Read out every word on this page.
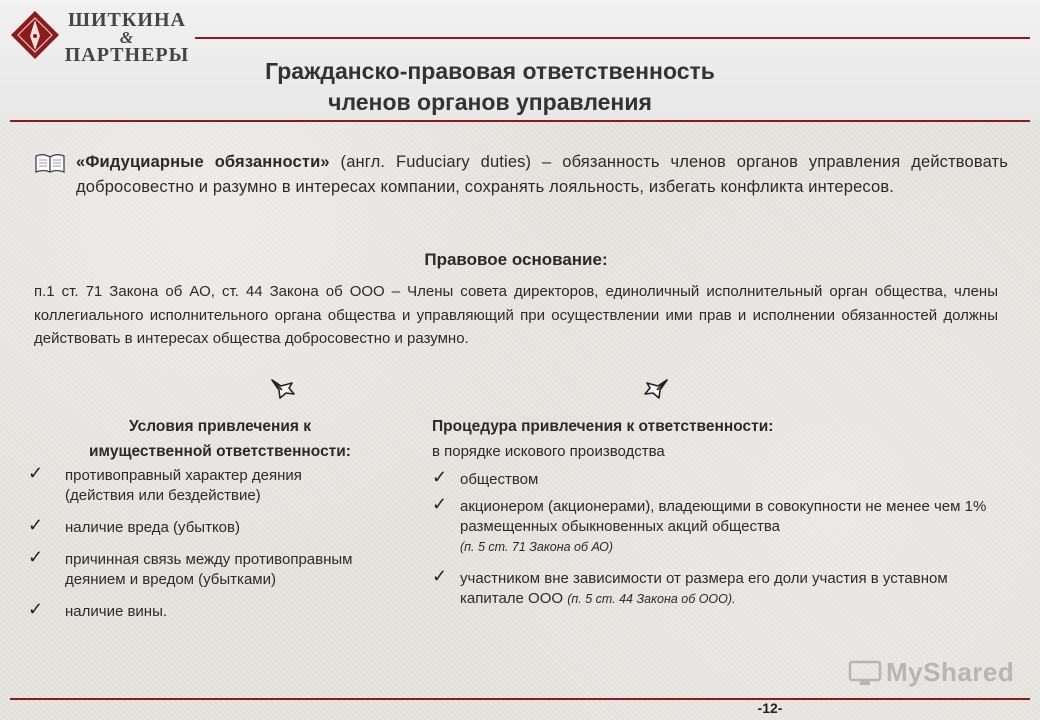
ШИТКИНА
&
ПАРТНЕРЫ
Гражданско-правовая ответственность
членов органов управления
«Фидуциарные обязанности» (англ. Fuduciary duties) – обязанность членов органов управления действовать добросовестно и разумно в интересах компании, сохранять лояльность, избегать конфликта интересов.
Правовое основание:
п.1 ст. 71 Закона об АО, ст. 44 Закона об ООО – Члены совета директоров, единоличный исполнительный орган общества, члены коллегиального исполнительного органа общества и управляющий при осуществлении ими прав и исполнении обязанностей должны действовать в интересах общества добросовестно и разумно.
Условия привлечения к
имущественной ответственности:
✓ противоправный характер деяния
(действия или бездействие)
✓ наличие вреда (убытков)
✓ причинная связь между противоправным
деянием и вредом (убытками)
✓ наличие вины.
Процедура привлечения к ответственности:
в порядке искового производства
✓ обществом
✓ акционером (акционерами), владеющими в совокупности не менее чем 1% размещенных обыкновенных акций общества
(п. 5 ст. 71 Закона об АО)
✓ участником вне зависимости от размера его доли участия в уставном капитале ООО (п. 5 ст. 44 Закона об ООО).
MyShared
-12-
